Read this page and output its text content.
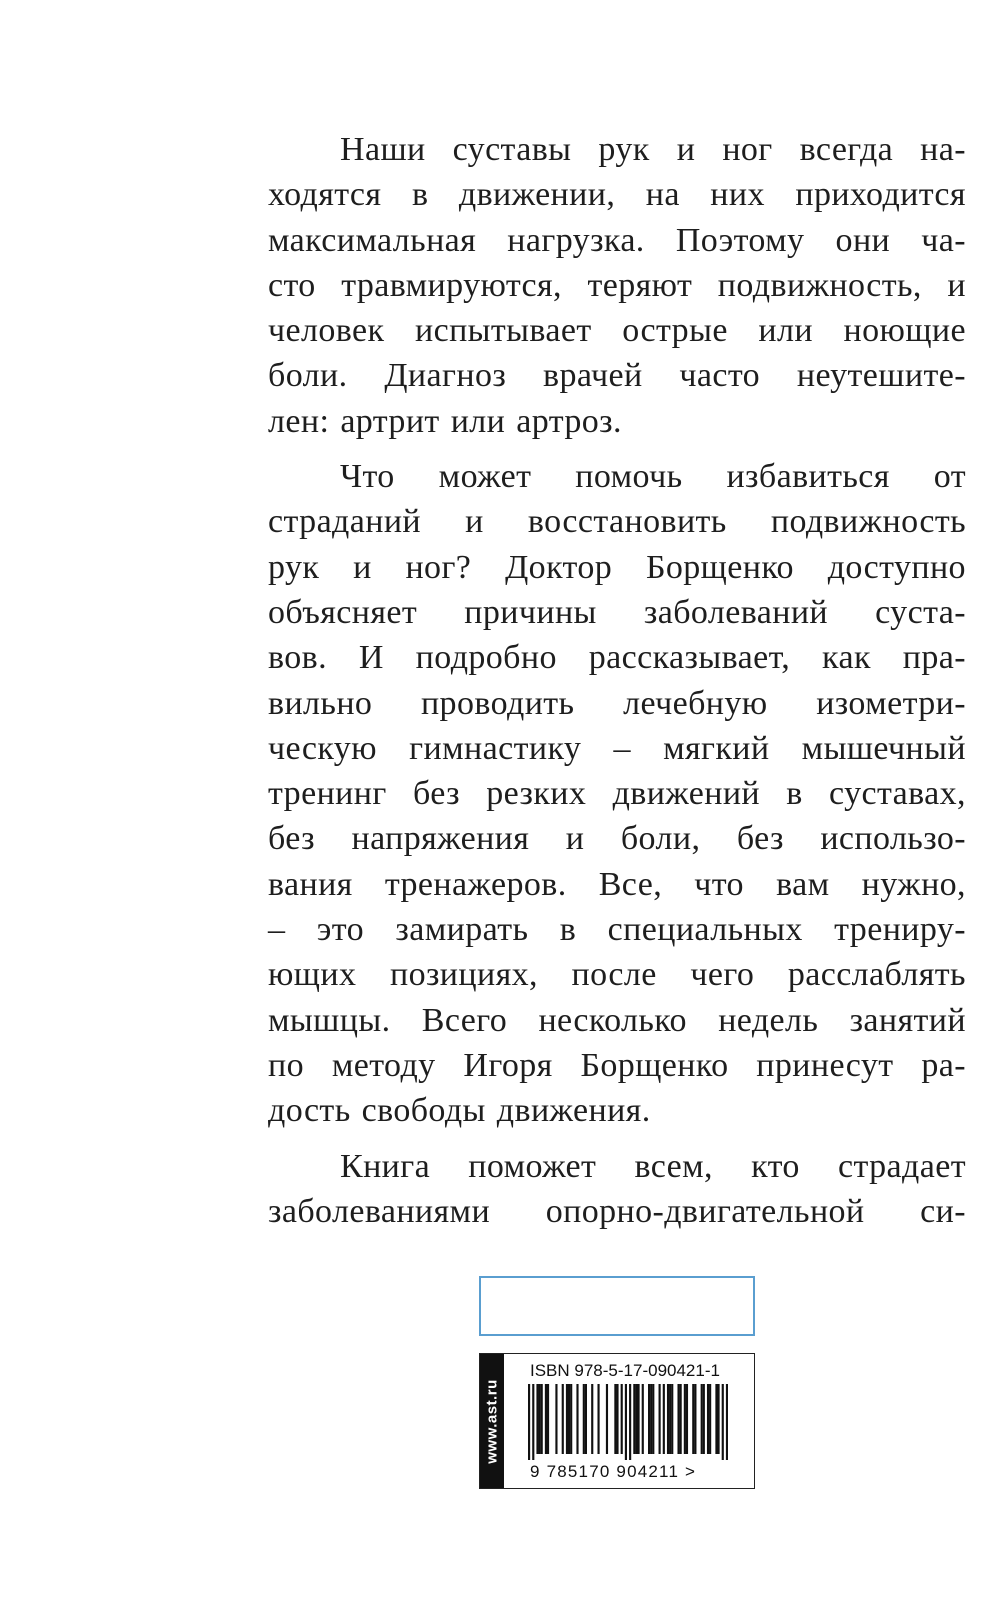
Наши суставы рук и ног всегда на-
ходятся в движении, на них приходится
максимальная нагрузка. Поэтому они ча-
сто травмируются, теряют подвижность, и
человек испытывает острые или ноющие
боли. Диагноз врачей часто неутешите-
лен: артрит или артроз.
Что может помочь избавиться от
страданий и восстановить подвижность
рук и ног? Доктор Борщенко доступно
объясняет причины заболеваний суста-
вов. И подробно рассказывает, как пра-
вильно проводить лечебную изометри-
ческую гимнастику – мягкий мышечный
тренинг без резких движений в суставах,
без напряжения и боли, без использо-
вания тренажеров. Все, что вам нужно,
– это замирать в специальных трениру-
ющих позициях, после чего расслаблять
мышцы. Всего несколько недель занятий
по методу Игоря Борщенко принесут ра-
дость свободы движения.
Книга поможет всем, кто страдает
заболеваниями опорно-двигательной си-
www.ast.ru
ISBN 978-5-17-090421-1
9 785170 904211 >
